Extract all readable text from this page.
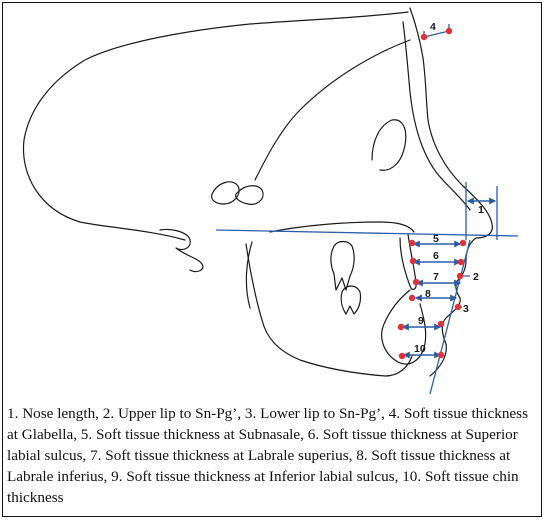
1
2
3
4
5
6
7
8
9
10

1. Nose length, 2. Upper lip to Sn-Pg’, 3. Lower lip to Sn-Pg’, 4. Soft tissue thickness at Glabella, 5. Soft tissue thickness at Subnasale, 6. Soft tissue thickness at Superior labial sulcus, 7. Soft tissue thickness at Labrale superius, 8. Soft tissue thickness at Labrale inferius, 9. Soft tissue thickness at Inferior labial sulcus, 10. Soft tissue chin thickness
